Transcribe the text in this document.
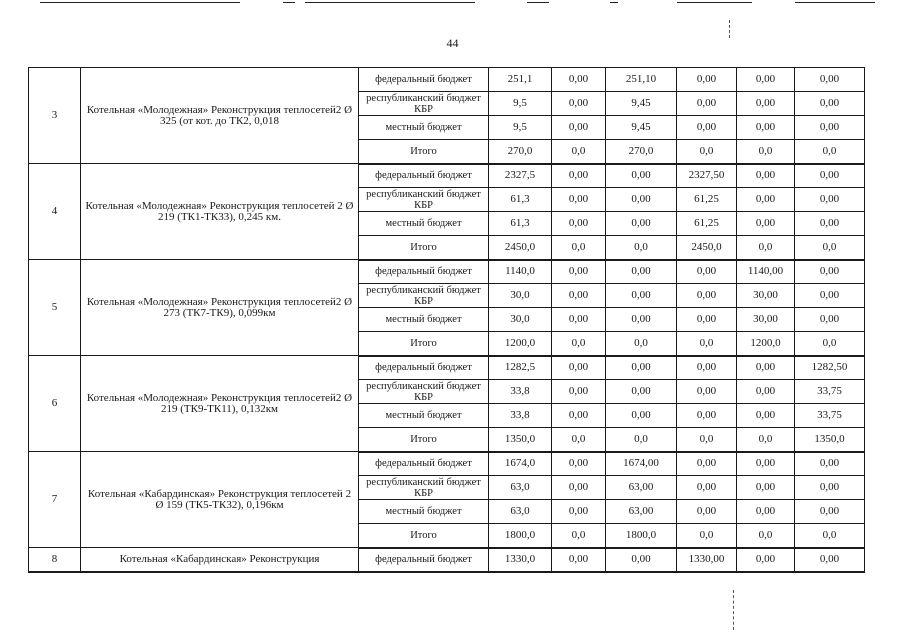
44
3	Котельная «Молодежная» Реконструкция теплосетей2 Ø 325 (от кот. до ТК2, 0,018	федеральный бюджет	251,1	0,00	251,10	0,00	0,00	0,00
		республиканский бюджет КБР	9,5	0,00	9,45	0,00	0,00	0,00
		местный бюджет	9,5	0,00	9,45	0,00	0,00	0,00
		Итого	270,0	0,0	270,0	0,0	0,0	0,0
4	Котельная «Молодежная» Реконструкция теплосетей 2 Ø 219 (ТК1-ТК33), 0,245 км.	федеральный бюджет	2327,5	0,00	0,00	2327,50	0,00	0,00
		республиканский бюджет КБР	61,3	0,00	0,00	61,25	0,00	0,00
		местный бюджет	61,3	0,00	0,00	61,25	0,00	0,00
		Итого	2450,0	0,0	0,0	2450,0	0,0	0,0
5	Котельная «Молодежная» Реконструкция теплосетей2 Ø 273 (ТК7-ТК9), 0,099км	федеральный бюджет	1140,0	0,00	0,00	0,00	1140,00	0,00
		республиканский бюджет КБР	30,0	0,00	0,00	0,00	30,00	0,00
		местный бюджет	30,0	0,00	0,00	0,00	30,00	0,00
		Итого	1200,0	0,0	0,0	0,0	1200,0	0,0
6	Котельная «Молодежная» Реконструкция теплосетей2 Ø 219 (ТК9-ТК11), 0,132км	федеральный бюджет	1282,5	0,00	0,00	0,00	0,00	1282,50
		республиканский бюджет КБР	33,8	0,00	0,00	0,00	0,00	33,75
		местный бюджет	33,8	0,00	0,00	0,00	0,00	33,75
		Итого	1350,0	0,0	0,0	0,0	0,0	1350,0
7	Котельная «Кабардинская» Реконструкция теплосетей 2 Ø 159 (ТК5-ТК32), 0,196км	федеральный бюджет	1674,0	0,00	1674,00	0,00	0,00	0,00
		республиканский бюджет КБР	63,0	0,00	63,00	0,00	0,00	0,00
		местный бюджет	63,0	0,00	63,00	0,00	0,00	0,00
		Итого	1800,0	0,0	1800,0	0,0	0,0	0,0
8	Котельная «Кабардинская» Реконструкция	федеральный бюджет	1330,0	0,00	0,00	1330,00	0,00	0,00
